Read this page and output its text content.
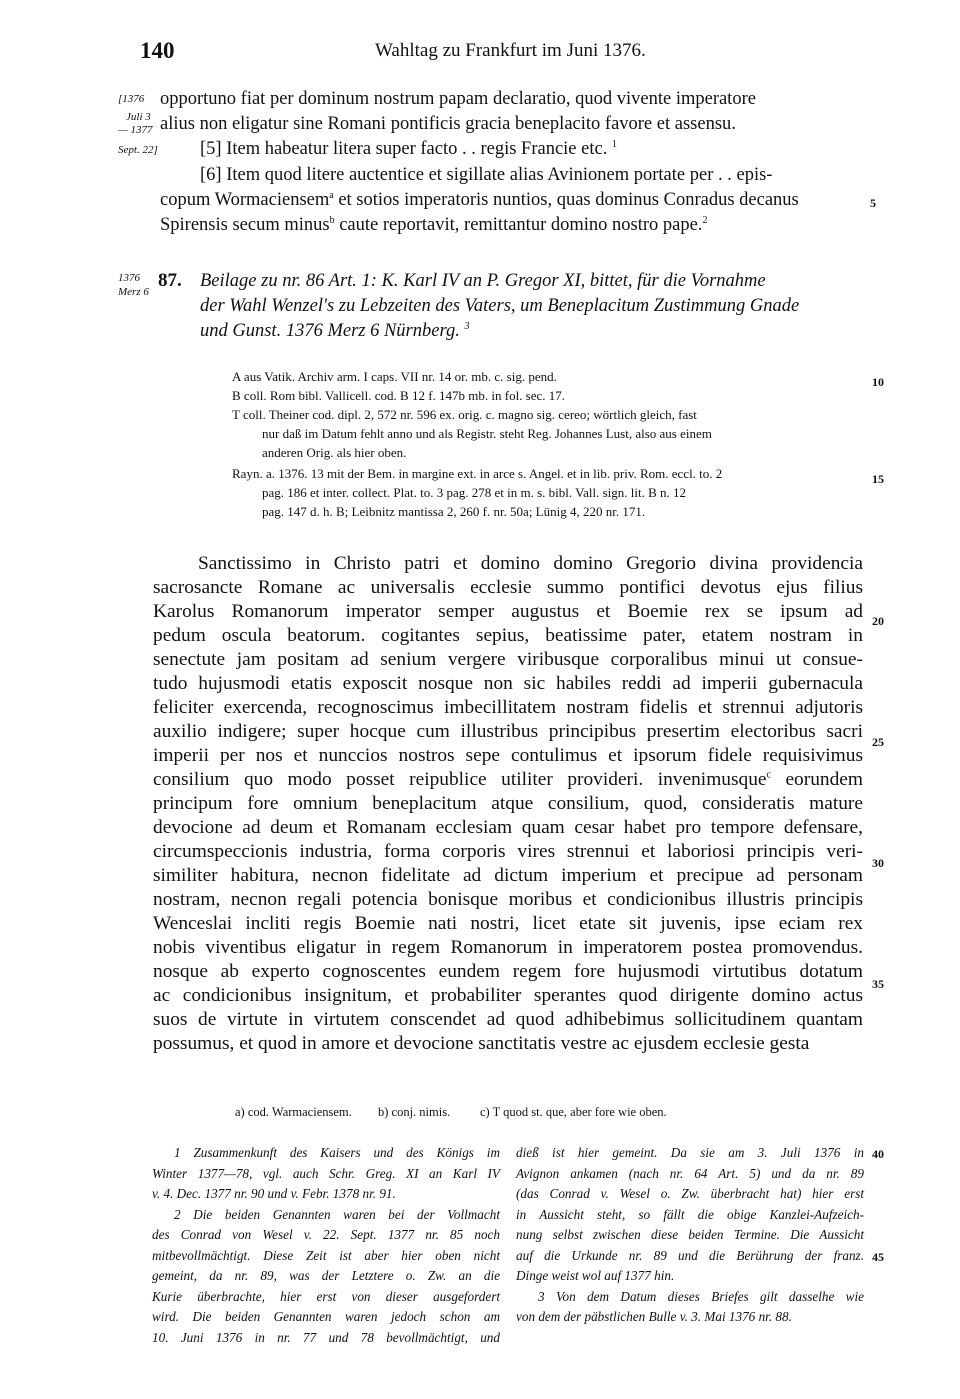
140	Wahltag zu Frankfurt im Juni 1376.
[1376
Juli 3
— 1377
Sept. 22]
opportuno fiat per dominum nostrum papam declaratio, quod vivente imperatore
alius non eligatur sine Romani pontificis gracia beneplacito favore et assensu.
[5] Item habeatur litera super facto . . regis Francie etc. $^1$
[6] Item quod litere auctentice et sigillate alias Avinionem portate per . . epis-
copum Wormaciensem$^a$ et sotios imperatoris nuntios, quas dominus Conradus decanus
Spirensis secum minus$^b$ caute reportavit, remittantur domino nostro pape.$^2$
5
1376
Merz 6
87. Beilage zu nr. 86 Art. 1: K. Karl IV an P. Gregor XI, bittet, für die Vornahme
der Wahl Wenzel's zu Lebzeiten des Vaters, um Beneplacitum Zustimmung Gnade
und Gunst. 1376 Merz 6 Nürnberg. $^3$
A aus Vatik. Archiv arm. I caps. VII nr. 14 or. mb. c. sig. pend.
B coll. Rom bibl. Vallicell. cod. B 12 f. 147b mb. in fol. sec. 17.
T coll. Theiner cod. dipl. 2, 572 nr. 596 ex. orig. c. magno sig. cereo; wörtlich gleich, fast
nur daß im Datum fehlt anno und als Registr. steht Reg. Johannes Lust, also aus einem
anderen Orig. als hier oben.
Rayn. a. 1376. 13 mit der Bem. in margine ext. in arce s. Angel. et in lib. priv. Rom. eccl. to. 2
pag. 186 et inter. collect. Plat. to. 3 pag. 278 et in m. s. bibl. Vall. sign. lit. B n. 12
pag. 147 d. h. B; Leibnitz mantissa 2, 260 f. nr. 50a; Lünig 4, 220 nr. 171.
10
15
Sanctissimo in Christo patri et domino domino Gregorio divina providencia
sacrosancte Romane ac universalis ecclesie summo pontifici devotus ejus filius
Karolus Romanorum imperator semper augustus et Boemie rex se ipsum ad
pedum oscula beatorum. cogitantes sepius, beatissime pater, etatem nostram in
senectute jam positam ad senium vergere viribusque corporalibus minui ut consue-
tudo hujusmodi etatis exposcit nosque non sic habiles reddi ad imperii gubernacula
feliciter exercenda, recognoscimus imbecillitatem nostram fidelis et strennui adjutoris
auxilio indigere; super hocque cum illustribus principibus presertim electoribus sacri
imperii per nos et nunccios nostros sepe contulimus et ipsorum fidele requisivimus
consilium quo modo posset reipublice utiliter provideri. invenimusque$^c$ eorundem
principum fore omnium beneplacitum atque consilium, quod, consideratis mature
devocione ad deum et Romanam ecclesiam quam cesar habet pro tempore defensare,
circumspeccionis industria, forma corporis vires strennui et laboriosi principis veri-
similiter habitura, necnon fidelitate ad dictum imperium et precipue ad personam
nostram, necnon regali potencia bonisque moribus et condicionibus illustris principis
Wenceslai incliti regis Boemie nati nostri, licet etate sit juvenis, ipse eciam rex
nobis viventibus eligatur in regem Romanorum in imperatorem postea promovendus.
nosque ab experto cognoscentes eundem regem fore hujusmodi virtutibus dotatum
ac condicionibus insignitum, et probabiliter sperantes quod dirigente domino actus
suos de virtute in virtutem conscendet ad quod adhibebimus sollicitudinem quantam
possumus, et quod in amore et devocione sanctitatis vestre ac ejusdem ecclesie gesta
20
25
30
35
a) cod. Warmaciensem. b) conj. nimis. c) T quod st. que, aber fore wie oben.
1 Zusammenkunft des Kaisers und des Königs im
Winter 1377—78, vgl. auch Schr. Greg. XI an Karl IV
v. 4. Dec. 1377 nr. 90 und v. Febr. 1378 nr. 91.
2 Die beiden Genannten waren bei der Vollmacht
des Conrad von Wesel v. 22. Sept. 1377 nr. 85 noch
mitbevollmächtigt. Diese Zeit ist aber hier oben nicht
gemeint, da nr. 89, was der Letztere o. Zw. an die
Kurie überbrachte, hier erst von dieser ausgefordert
wird. Die beiden Genannten waren jedoch schon am
10. Juni 1376 in nr. 77 und 78 bevollmächtigt, und
dieß ist hier gemeint. Da sie am 3. Juli 1376 in
Avignon ankamen (nach nr. 64 Art. 5) und da nr. 89
(das Conrad v. Wesel o. Zw. überbracht hat) hier erst
in Aussicht steht, so fällt die obige Kanzlei-Aufzeich-
nung selbst zwischen diese beiden Termine. Die Aussicht
auf die Urkunde nr. 89 und die Berührung der franz.
Dinge weist wol auf 1377 hin.
3 Von dem Datum dieses Briefes gilt dasselhe wie
von dem der päbstlichen Bulle v. 3. Mai 1376 nr. 88.
40
45
